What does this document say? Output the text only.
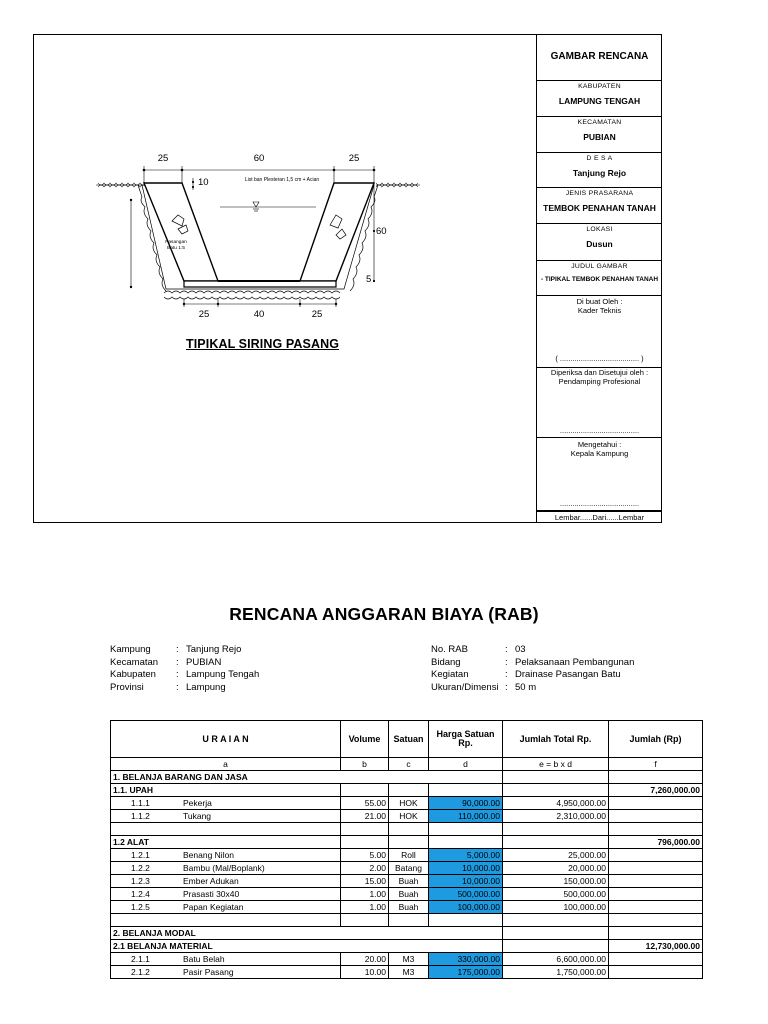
GAMBAR RENCANA
KABUPATEN
LAMPUNG TENGAH
KECAMATAN
PUBIAN
D E S A
Tanjung Rejo
JENIS PRASARANA
TEMBOK PENAHAN TANAH
LOKASI
Dusun
JUDUL GAMBAR
- TIPIKAL TEMBOK PENAHAN TANAH
Di buat Oleh :
Kader Teknis
( ...................................... )
Diperiksa dan Disetujui oleh :
Pendamping Profesional
......................................
Mengetahui :
Kepala Kampung
......................................
Lembar......Dari......Lembar
Pasangan
Batu 1:5
List ban Plesteran 1,5 cm + Acian
25	60	25
10
60
5
25	40	25
TIPIKAL SIRING PASANG
RENCANA ANGGARAN BIAYA (RAB)
Kampung	: Tanjung Rejo
Kecamatan	: PUBIAN
Kabupaten	: Lampung Tengah
Provinsi	: Lampung
No. RAB	: 03
Bidang	: Pelaksanaan Pembangunan
Kegiatan	: Drainase Pasangan Batu
Ukuran/Dimensi : 50 m
U R A I A N	Volume	Satuan	Harga Satuan Rp.	Jumlah Total Rp.	Jumlah (Rp)
a	b	c	d	e = b x d	f
1. BELANJA BARANG DAN JASA					
1.1. UPAH					7,260,000.00
1.1.1 Pekerja	55.00	HOK	90,000.00	4,950,000.00	
1.1.2 Tukang	21.00	HOK	110,000.00	2,310,000.00	

1.2 ALAT					796,000.00
1.2.1 Benang Nilon	5.00	Roll	5,000.00	25,000.00	
1.2.2 Bambu (Mal/Boplank)	2.00	Batang	10,000.00	20,000.00	
1.2.3 Ember Adukan	15.00	Buah	10,000.00	150,000.00	
1.2.4 Prasasti 30x40	1.00	Buah	500,000.00	500,000.00	
1.2.5 Papan Kegiatan	1.00	Buah	100,000.00	100,000.00	

2. BELANJA MODAL					
2.1 BELANJA MATERIAL					12,730,000.00
2.1.1 Batu Belah	20.00	M3	330,000.00	6,600,000.00	
2.1.2 Pasir Pasang	10.00	M3	175,000.00	1,750,000.00	
